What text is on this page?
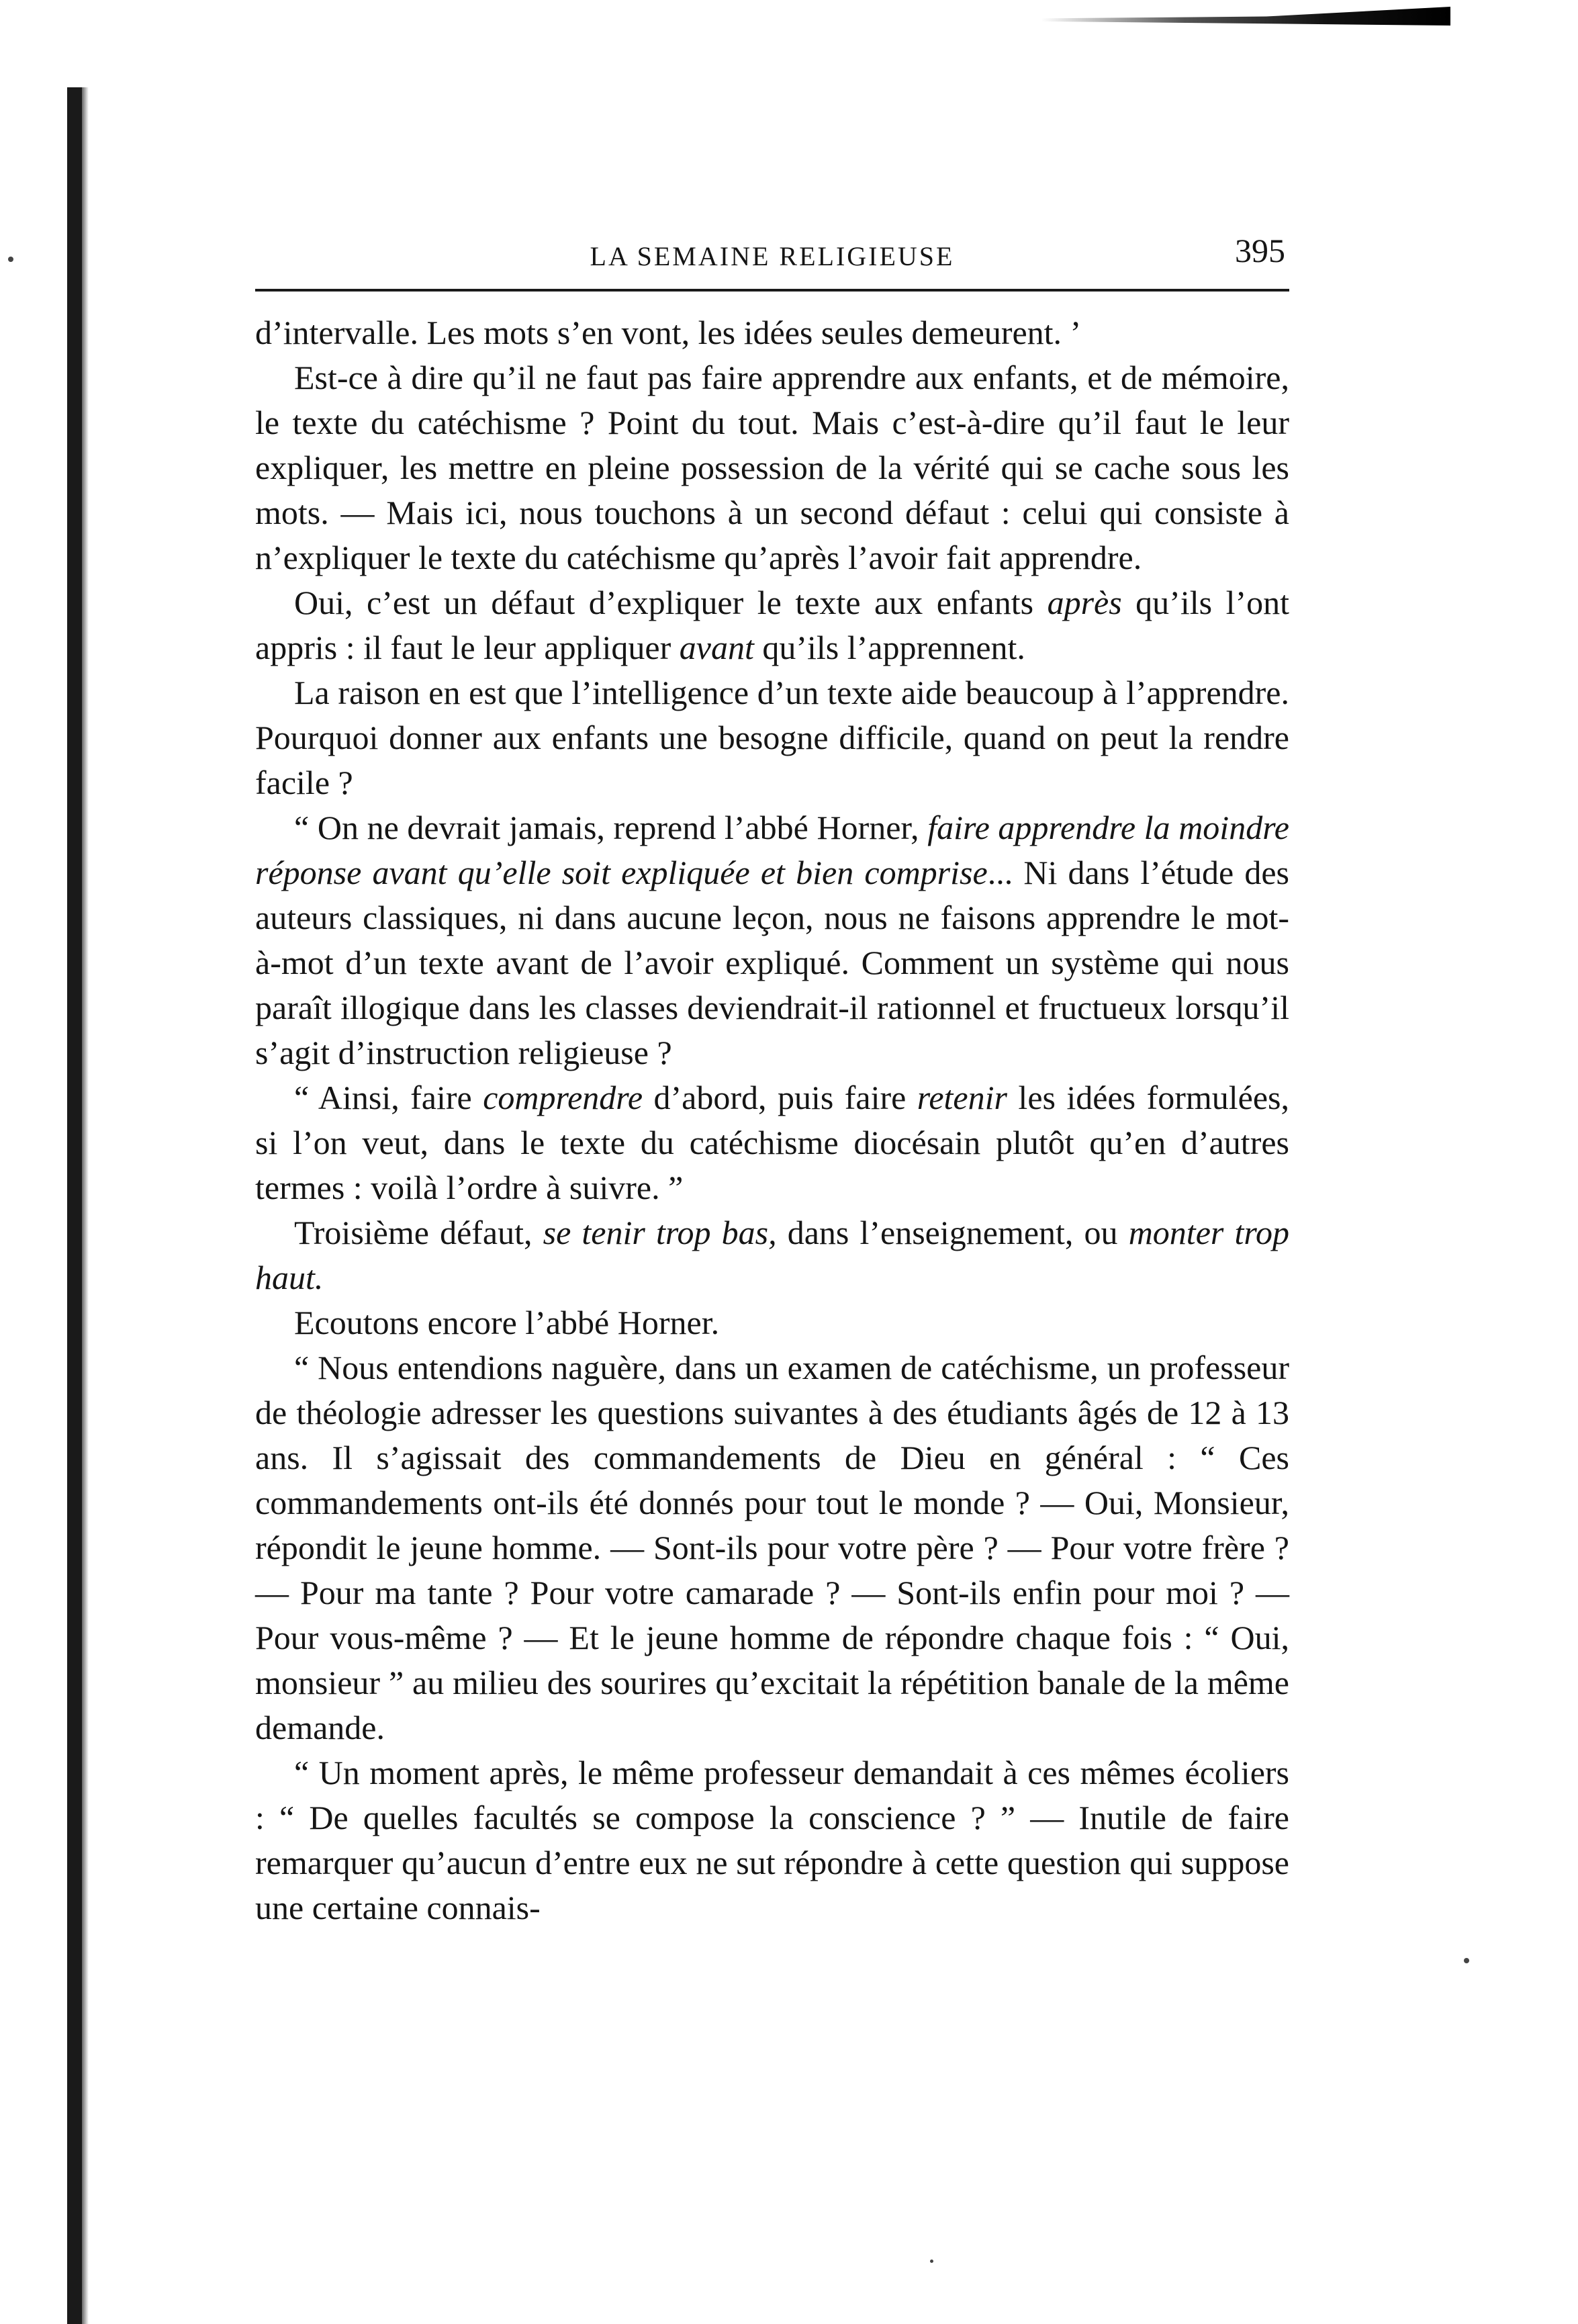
LA SEMAINE RELIGIEUSE	395

d’intervalle. Les mots s’en vont, les idées seules demeurent. ’

Est-ce à dire qu’il ne faut pas faire apprendre aux enfants, et de mémoire, le texte du catéchisme ? Point du tout. Mais c’est-à-dire qu’il faut le leur expliquer, les mettre en pleine possession de la vérité qui se cache sous les mots. — Mais ici, nous touchons à un second défaut : celui qui consiste à n’expliquer le texte du catéchisme qu’après l’avoir fait apprendre.

Oui, c’est un défaut d’expliquer le texte aux enfants après qu’ils l’ont appris : il faut le leur appliquer avant qu’ils l’apprennent.

La raison en est que l’intelligence d’un texte aide beaucoup à l’apprendre. Pourquoi donner aux enfants une besogne difficile, quand on peut la rendre facile ?

“ On ne devrait jamais, reprend l’abbé Horner, faire apprendre la moindre réponse avant qu’elle soit expliquée et bien comprise... Ni dans l’étude des auteurs classiques, ni dans aucune leçon, nous ne faisons apprendre le mot-à-mot d’un texte avant de l’avoir expliqué. Comment un système qui nous paraît illogique dans les classes deviendrait-il rationnel et fructueux lorsqu’il s’agit d’instruction religieuse ?

“ Ainsi, faire comprendre d’abord, puis faire retenir les idées formulées, si l’on veut, dans le texte du catéchisme diocésain plutôt qu’en d’autres termes : voilà l’ordre à suivre. ”

Troisième défaut, se tenir trop bas, dans l’enseignement, ou monter trop haut.

Ecoutons encore l’abbé Horner.

“ Nous entendions naguère, dans un examen de catéchisme, un professeur de théologie adresser les questions suivantes à des étudiants âgés de 12 à 13 ans. Il s’agissait des commandements de Dieu en général : “ Ces commandements ont-ils été donnés pour tout le monde ? — Oui, Monsieur, répondit le jeune homme. — Sont-ils pour votre père ? — Pour votre frère ? — Pour ma tante ? Pour votre camarade ? — Sont-ils enfin pour moi ? — Pour vous-même ? — Et le jeune homme de répondre chaque fois : “ Oui, monsieur ” au milieu des sourires qu’excitait la répétition banale de la même demande.

“ Un moment après, le même professeur demandait à ces mêmes écoliers : “ De quelles facultés se compose la conscience ? ” — Inutile de faire remarquer qu’aucun d’entre eux ne sut répondre à cette question qui suppose une certaine connais-
